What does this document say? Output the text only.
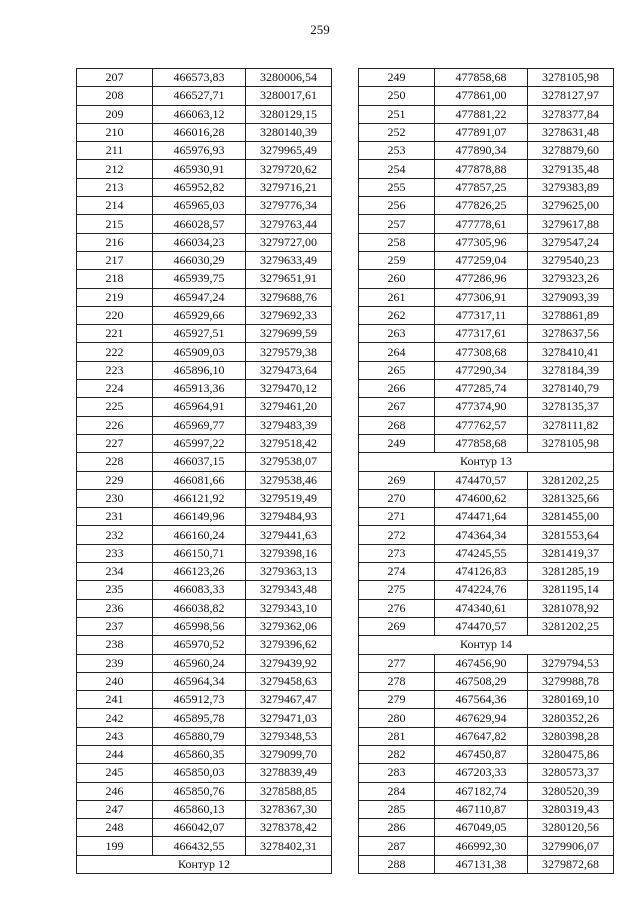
259
207	466573,83	3280006,54
208	466527,71	3280017,61
209	466063,12	3280129,15
210	466016,28	3280140,39
211	465976,93	3279965,49
212	465930,91	3279720,62
213	465952,82	3279716,21
214	465965,03	3279776,34
215	466028,57	3279763,44
216	466034,23	3279727,00
217	466030,29	3279633,49
218	465939,75	3279651,91
219	465947,24	3279688,76
220	465929,66	3279692,33
221	465927,51	3279699,59
222	465909,03	3279579,38
223	465896,10	3279473,64
224	465913,36	3279470,12
225	465964,91	3279461,20
226	465969,77	3279483,39
227	465997,22	3279518,42
228	466037,15	3279538,07
229	466081,66	3279538,46
230	466121,92	3279519,49
231	466149,96	3279484,93
232	466160,24	3279441,63
233	466150,71	3279398,16
234	466123,26	3279363,13
235	466083,33	3279343,48
236	466038,82	3279343,10
237	465998,56	3279362,06
238	465970,52	3279396,62
239	465960,24	3279439,92
240	465964,34	3279458,63
241	465912,73	3279467,47
242	465895,78	3279471,03
243	465880,79	3279348,53
244	465860,35	3279099,70
245	465850,03	3278839,49
246	465850,76	3278588,85
247	465860,13	3278367,30
248	466042,07	3278378,42
199	466432,55	3278402,31
Контур 12		
249	477858,68	3278105,98
250	477861,00	3278127,97
251	477881,22	3278377,84
252	477891,07	3278631,48
253	477890,34	3278879,60
254	477878,88	3279135,48
255	477857,25	3279383,89
256	477826,25	3279625,00
257	477778,61	3279617,88
258	477305,96	3279547,24
259	477259,04	3279540,23
260	477286,96	3279323,26
261	477306,91	3279093,39
262	477317,11	3278861,89
263	477317,61	3278637,56
264	477308,68	3278410,41
265	477290,34	3278184,39
266	477285,74	3278140,79
267	477374,90	3278135,37
268	477762,57	3278111,82
249	477858,68	3278105,98
Контур 13		
269	474470,57	3281202,25
270	474600,62	3281325,66
271	474471,64	3281455,00
272	474364,34	3281553,64
273	474245,55	3281419,37
274	474126,83	3281285,19
275	474224,76	3281195,14
276	474340,61	3281078,92
269	474470,57	3281202,25
Контур 14		
277	467456,90	3279794,53
278	467508,29	3279988,78
279	467564,36	3280169,10
280	467629,94	3280352,26
281	467647,82	3280398,28
282	467450,87	3280475,86
283	467203,33	3280573,37
284	467182,74	3280520,39
285	467110,87	3280319,43
286	467049,05	3280120,56
287	466992,30	3279906,07
288	467131,38	3279872,68
